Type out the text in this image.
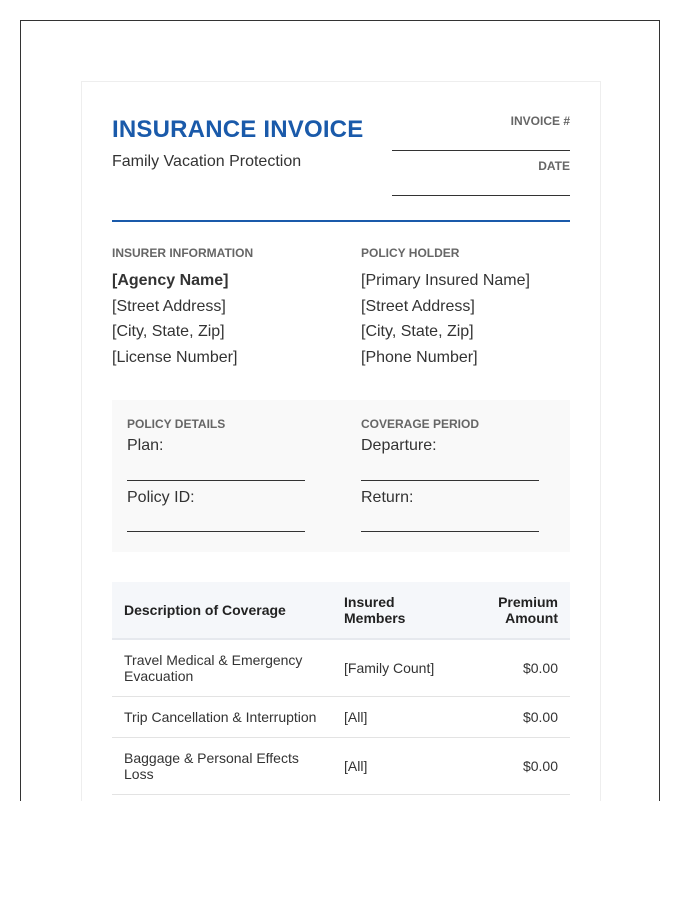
INSURANCE INVOICE
Family Vacation Protection
INVOICE #
DATE
INSURER INFORMATION
[Agency Name]
[Street Address]
[City, State, Zip]
[License Number]
POLICY HOLDER
[Primary Insured Name]
[Street Address]
[City, State, Zip]
[Phone Number]
POLICY DETAILS
Plan:
Policy ID:
COVERAGE PERIOD
Departure:
Return:
Description of Coverage	Insured Members	Premium Amount
Travel Medical & Emergency Evacuation	[Family Count]	$0.00
Trip Cancellation & Interruption	[All]	$0.00
Baggage & Personal Effects Loss	[All]	$0.00
